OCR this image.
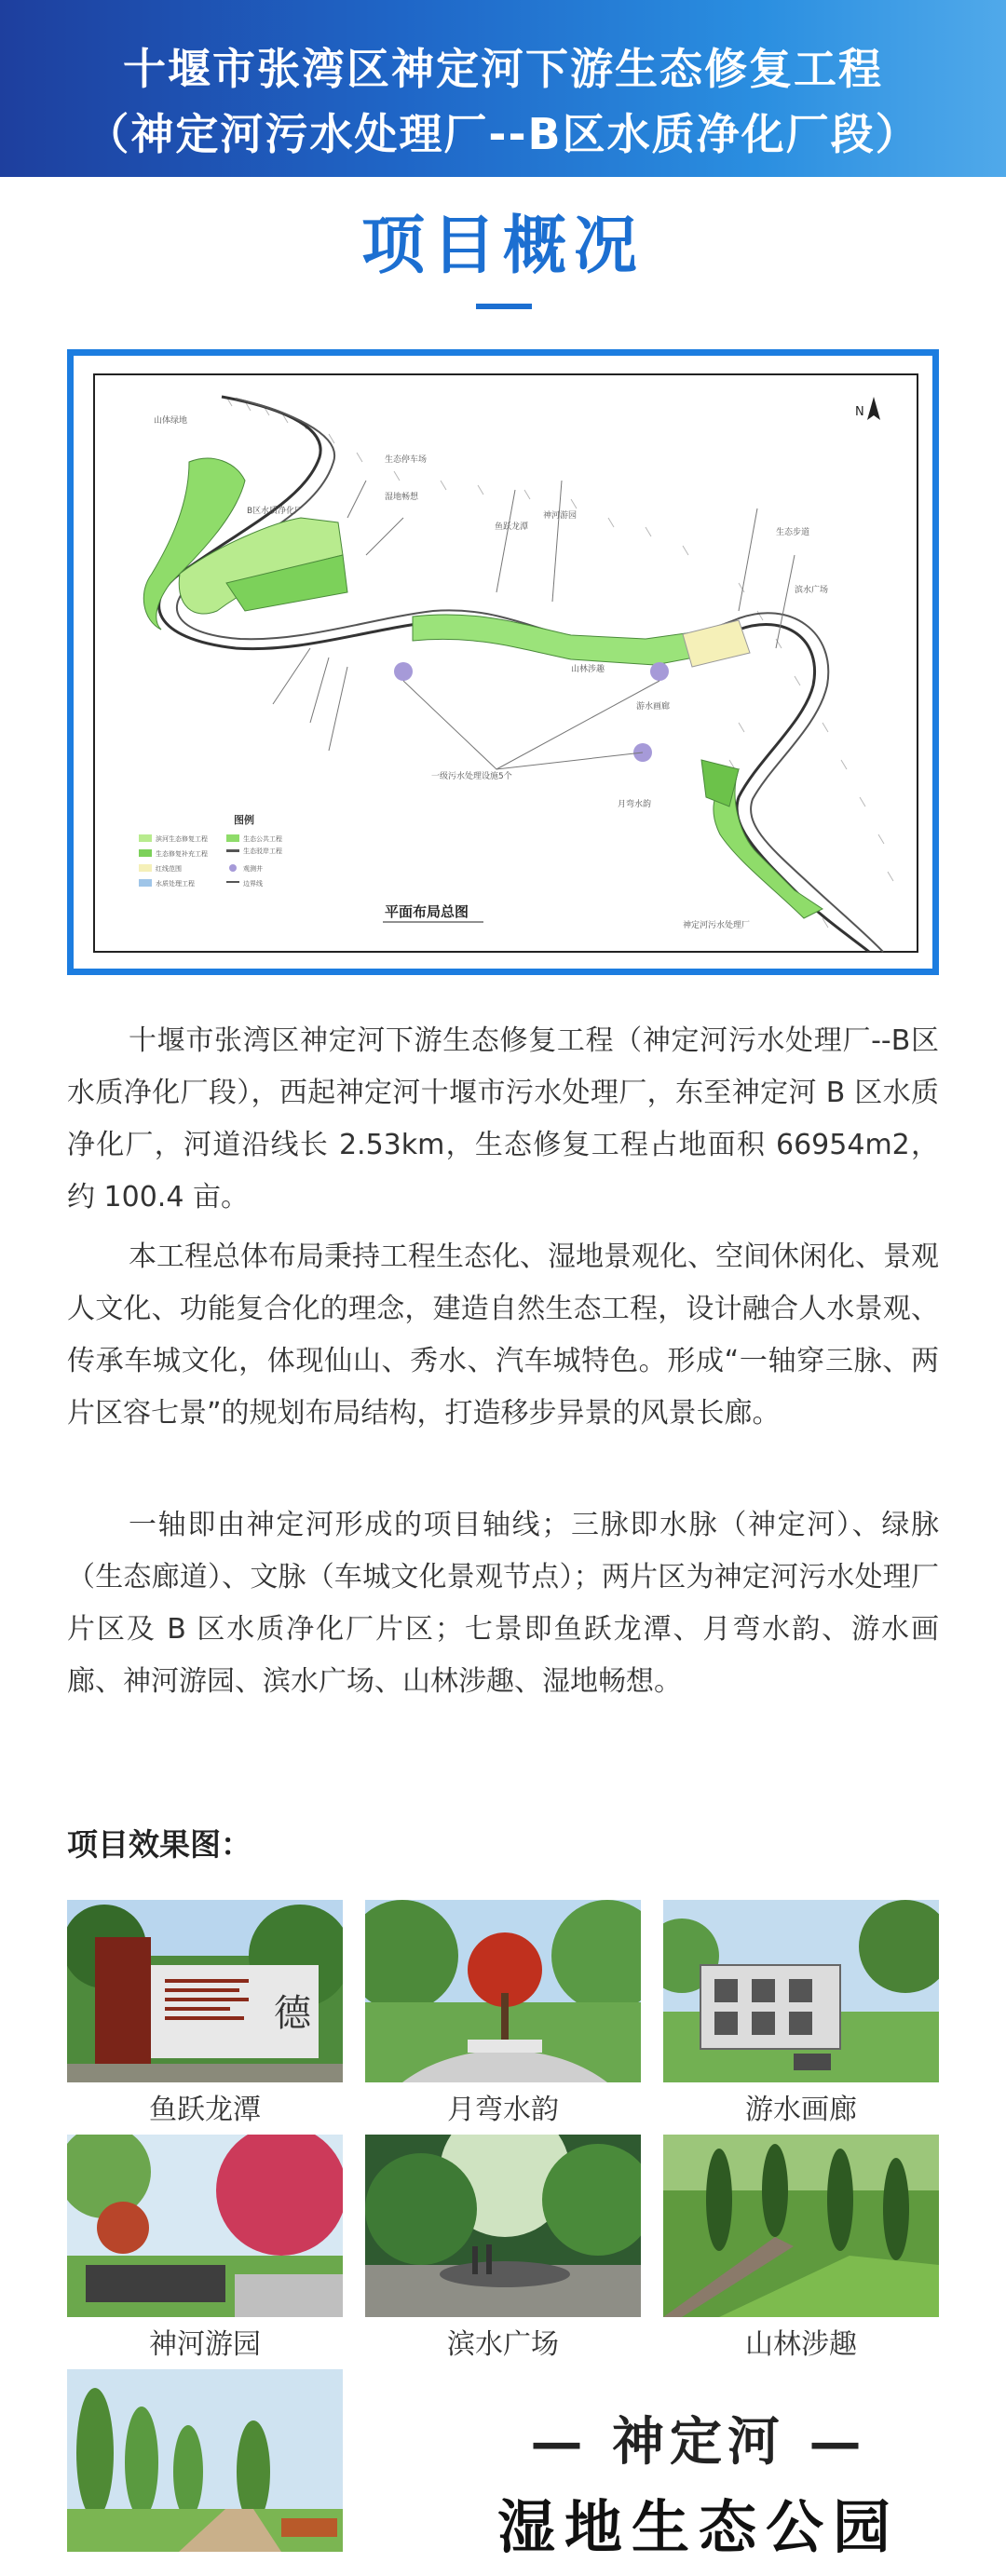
十堰市张湾区神定河下游生态修复工程
（神定河污水处理厂--B区水质净化厂段）
项目概况
山体绿地
B区水质净化厂
生态停车场
湿地畅想
鱼跃龙潭
神河游园
生态步道
滨水广场
山林涉趣
游水画廊
月弯水韵
一级污水处理设施5个
神定河污水处理厂
N
图例
滨河生态修复工程
生态修复补充工程
红线范围
水质处理工程
生态公共工程
生态驳岸工程
观测井
边界线
平面布局总图

十堰市张湾区神定河下游生态修复工程（神定河污水处理厂--B区水质净化厂段），西起神定河十堰市污水处理厂，东至神定河 B 区水质净化厂，河道沿线长 2.53km，生态修复工程占地面积 66954m2，约 100.4 亩。

本工程总体布局秉持工程生态化、湿地景观化、空间休闲化、景观人文化、功能复合化的理念，建造自然生态工程，设计融合人水景观、传承车城文化，体现仙山、秀水、汽车城特色。形成“一轴穿三脉、两片区容七景”的规划布局结构，打造移步异景的风景长廊。

一轴即由神定河形成的项目轴线；三脉即水脉（神定河）、绿脉（生态廊道）、文脉（车城文化景观节点）；两片区为神定河污水处理厂片区及 B 区水质净化厂片区；七景即鱼跃龙潭、月弯水韵、游水画廊、神河游园、滨水广场、山林涉趣、湿地畅想。

项目效果图：
德
鱼跃龙潭	月弯水韵	游水画廊
神河游园	滨水广场	山林涉趣
— 神定河 —
湿地生态公园
